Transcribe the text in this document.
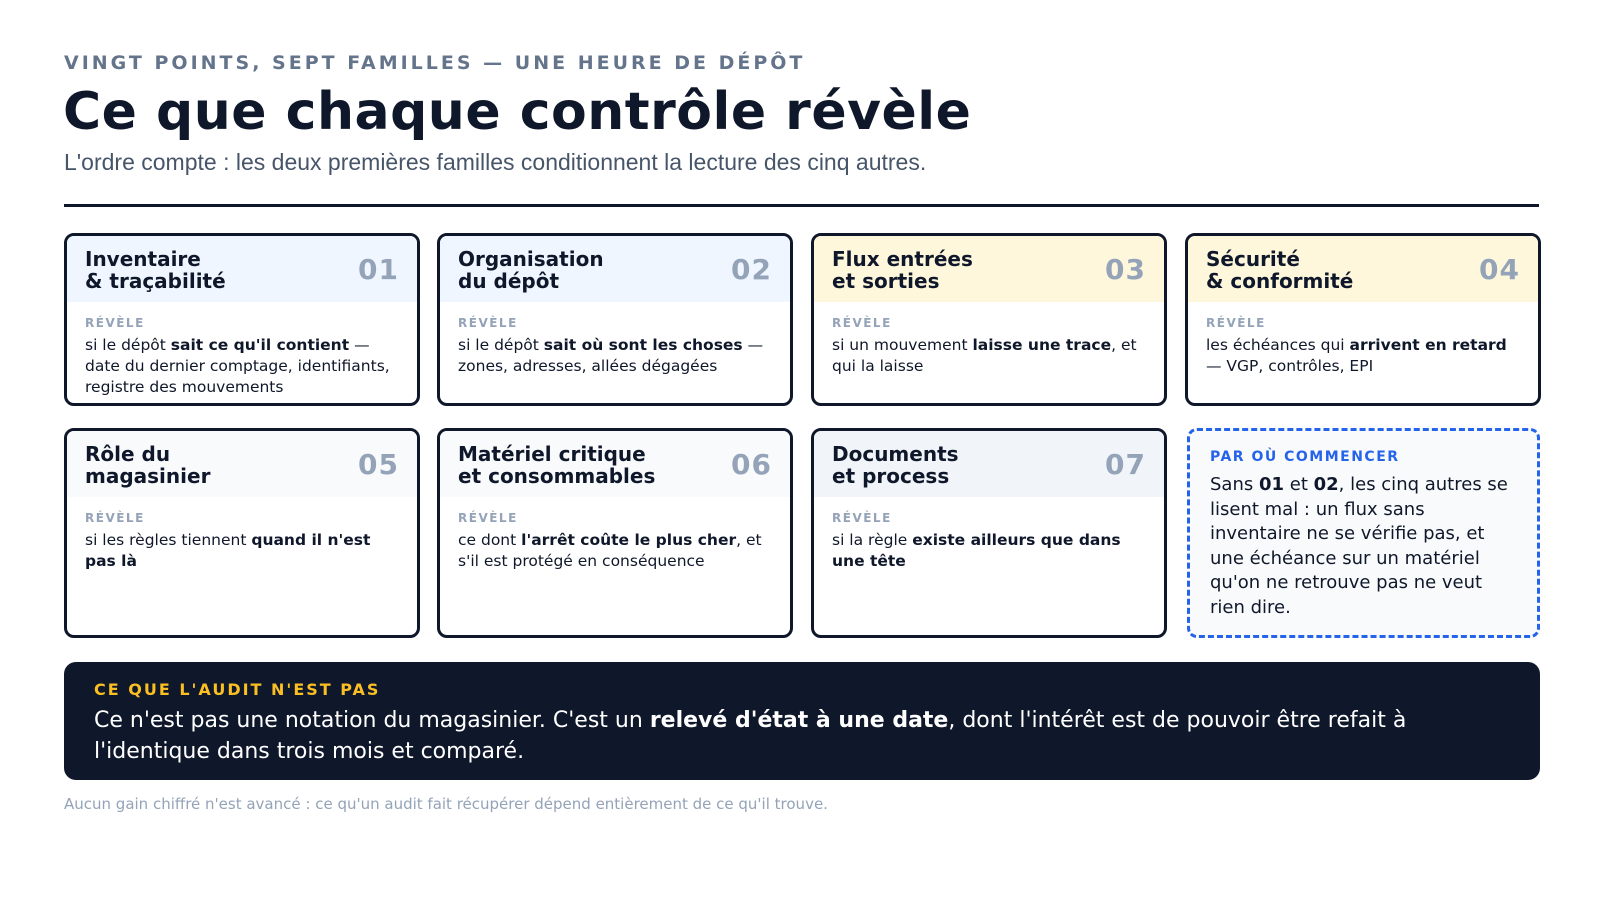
VINGT POINTS, SEPT FAMILLES — UNE HEURE DE DÉPÔT
Ce que chaque contrôle révèle
L'ordre compte : les deux premières familles conditionnent la lecture des cinq autres.
Inventaire
& traçabilité	01
RÉVÈLE
si le dépôt sait ce qu'il contient — date du dernier comptage, identifiants, registre des mouvements
Organisation
du dépôt	02
RÉVÈLE
si le dépôt sait où sont les choses — zones, adresses, allées dégagées
Flux entrées
et sorties	03
RÉVÈLE
si un mouvement laisse une trace, et qui la laisse
Sécurité
& conformité	04
RÉVÈLE
les échéances qui arrivent en retard — VGP, contrôles, EPI
Rôle du
magasinier	05
RÉVÈLE
si les règles tiennent quand il n'est pas là
Matériel critique
et consommables	06
RÉVÈLE
ce dont l'arrêt coûte le plus cher, et s'il est protégé en conséquence
Documents
et process	07
RÉVÈLE
si la règle existe ailleurs que dans une tête
PAR OÙ COMMENCER
Sans 01 et 02, les cinq autres se lisent mal : un flux sans inventaire ne se vérifie pas, et une échéance sur un matériel qu'on ne retrouve pas ne veut rien dire.
CE QUE L'AUDIT N'EST PAS
Ce n'est pas une notation du magasinier. C'est un relevé d'état à une date, dont l'intérêt est de pouvoir être refait à l'identique dans trois mois et comparé.
Aucun gain chiffré n'est avancé : ce qu'un audit fait récupérer dépend entièrement de ce qu'il trouve.
